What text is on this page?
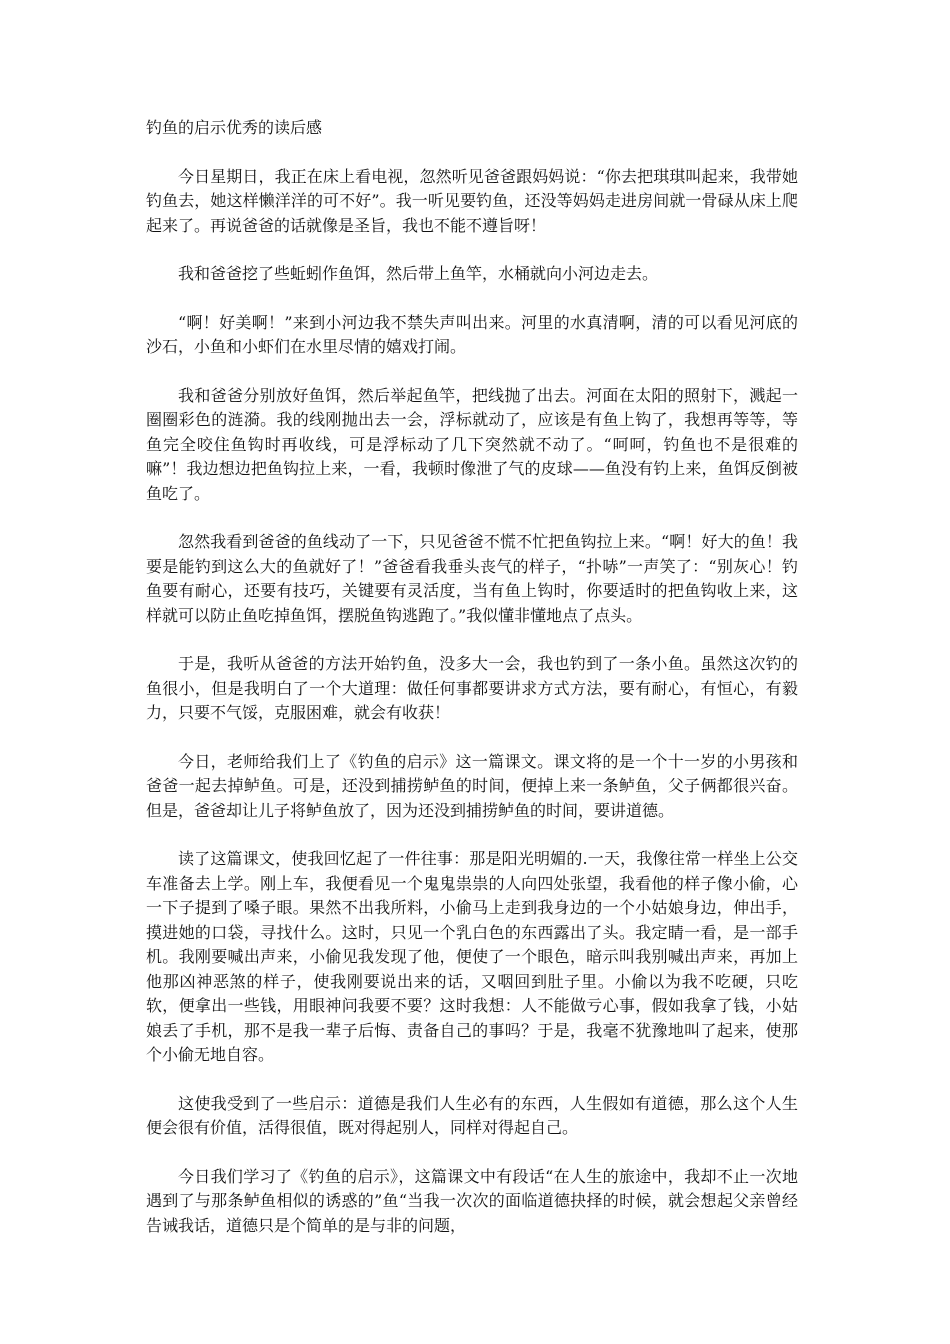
钓鱼的启示优秀的读后感

今日星期日，我正在床上看电视，忽然听见爸爸跟妈妈说：“你去把琪琪叫起来，我带她钓鱼去，她这样懒洋洋的可不好”。我一听见要钓鱼，还没等妈妈走进房间就一骨碌从床上爬起来了。再说爸爸的话就像是圣旨，我也不能不遵旨呀！

我和爸爸挖了些蚯蚓作鱼饵，然后带上鱼竿，水桶就向小河边走去。

“啊！好美啊！”来到小河边我不禁失声叫出来。河里的水真清啊，清的可以看见河底的沙石，小鱼和小虾们在水里尽情的嬉戏打闹。

我和爸爸分别放好鱼饵，然后举起鱼竿，把线抛了出去。河面在太阳的照射下，溅起一圈圈彩色的涟漪。我的线刚抛出去一会，浮标就动了，应该是有鱼上钩了，我想再等等，等鱼完全咬住鱼钩时再收线，可是浮标动了几下突然就不动了。“呵呵，钓鱼也不是很难的嘛”！我边想边把鱼钩拉上来，一看，我顿时像泄了气的皮球——鱼没有钓上来，鱼饵反倒被鱼吃了。

忽然我看到爸爸的鱼线动了一下，只见爸爸不慌不忙把鱼钩拉上来。“啊！好大的鱼！我要是能钓到这么大的鱼就好了！”爸爸看我垂头丧气的样子，“扑哧”一声笑了：“别灰心！钓鱼要有耐心，还要有技巧，关键要有灵活度，当有鱼上钩时，你要适时的把鱼钩收上来，这样就可以防止鱼吃掉鱼饵，摆脱鱼钩逃跑了。”我似懂非懂地点了点头。

于是，我听从爸爸的方法开始钓鱼，没多大一会，我也钓到了一条小鱼。虽然这次钓的鱼很小，但是我明白了一个大道理：做任何事都要讲求方式方法，要有耐心，有恒心，有毅力，只要不气馁，克服困难，就会有收获！

今日，老师给我们上了《钓鱼的启示》这一篇课文。课文将的是一个十一岁的小男孩和爸爸一起去掉鲈鱼。可是，还没到捕捞鲈鱼的时间，便掉上来一条鲈鱼，父子俩都很兴奋。但是，爸爸却让儿子将鲈鱼放了，因为还没到捕捞鲈鱼的时间，要讲道德。

读了这篇课文，使我回忆起了一件往事：那是阳光明媚的.一天，我像往常一样坐上公交车准备去上学。刚上车，我便看见一个鬼鬼祟祟的人向四处张望，我看他的样子像小偷，心一下子提到了嗓子眼。果然不出我所料，小偷马上走到我身边的一个小姑娘身边，伸出手，摸进她的口袋，寻找什么。这时，只见一个乳白色的东西露出了头。我定睛一看，是一部手机。我刚要喊出声来，小偷见我发现了他，便使了一个眼色，暗示叫我别喊出声来，再加上他那凶神恶煞的样子，使我刚要说出来的话，又咽回到肚子里。小偷以为我不吃硬，只吃软，便拿出一些钱，用眼神问我要不要？这时我想：人不能做亏心事，假如我拿了钱，小姑娘丢了手机，那不是我一辈子后悔、责备自己的事吗？于是，我毫不犹豫地叫了起来，使那个小偷无地自容。

这使我受到了一些启示：道德是我们人生必有的东西，人生假如有道德，那么这个人生便会很有价值，活得很值，既对得起别人，同样对得起自己。

今日我们学习了《钓鱼的启示》，这篇课文中有段话“在人生的旅途中，我却不止一次地遇到了与那条鲈鱼相似的诱惑的”鱼“当我一次次的面临道德抉择的时候，就会想起父亲曾经告诫我话，道德只是个简单的是与非的问题，
